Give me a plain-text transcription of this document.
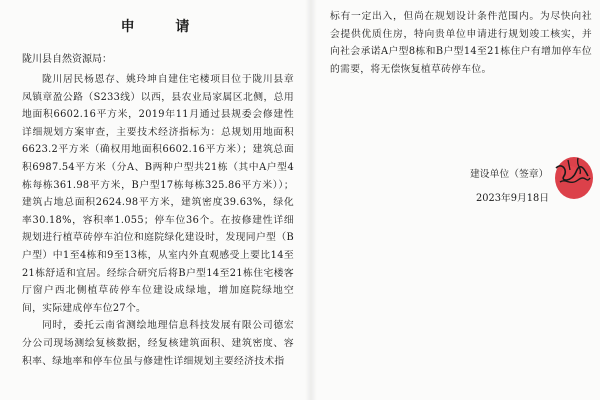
申 请
陇川县自然资源局：

陇川居民杨恩存、姚玲坤自建住宅楼项目位于陇川县章凤镇章盈公路（S233线）以西，县农业局家属区北侧，总用地面积6602.16平方米，2019年11月通过县规委会修建性详细规划方案审查，主要技术经济指标为：总规划用地面积6623.2平方米（确权用地面积6602.16平方米）；建筑总面积6987.54平方米（分A、B两种户型共21栋（其中A户型4栋每栋361.98平方米，B户型17栋每栋325.86平方米））；建筑占地总面积2624.98平方米，建筑密度39.63%，绿化率30.18%，容积率1.055；停车位36个。在按修建性详细规划进行植草砖停车泊位和庭院绿化建设时，发现同户型（B户型）中1至4栋和9至13栋，从室内外直观感受上要比14至21栋舒适和宜居。经综合研究后将B户型14至21栋住宅楼客厅窗户西北侧植草砖停车位建设成绿地，增加庭院绿地空间，实际建成停车位27个。

同时，委托云南省测绘地理信息科技发展有限公司德宏分公司现场测绘复核数据，经复核建筑面积、建筑密度、容积率、绿地率和停车位虽与修建性详细规划主要经济技术指

标有一定出入，但尚在规划设计条件范围内。为尽快向社会提供优质住房，特向贵单位申请进行规划竣工核实，并向社会承诺A户型8栋和B户型14至21栋住户有增加停车位的需要，将无偿恢复植草砖停车位。

建设单位（签章）
2023年9月18日
